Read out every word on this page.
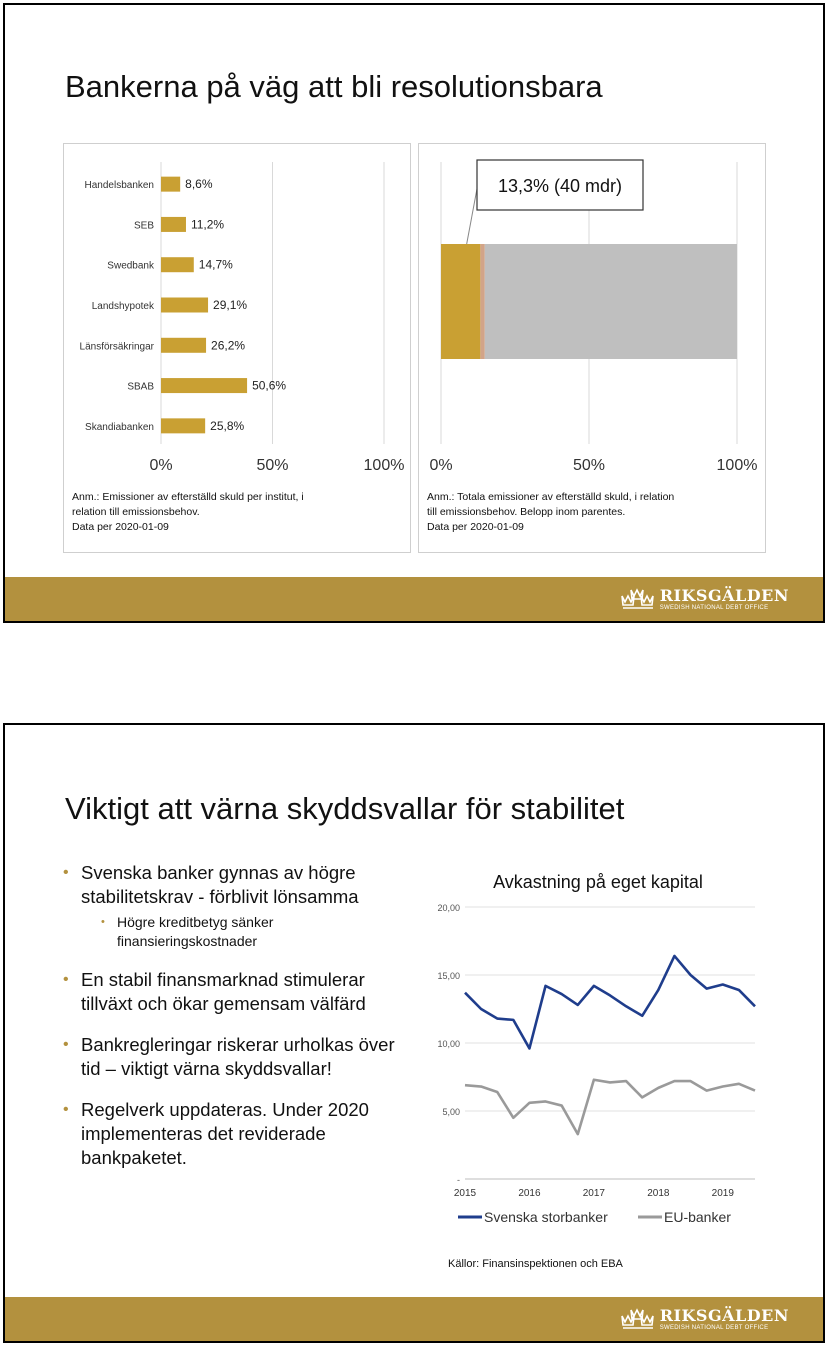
Bankerna på väg att bli resolutionsbara
0%	50%	100%
Handelsbanken	8,6%
SEB	11,2%
Swedbank	14,7%
Landshypotek	29,1%
Länsförsäkringar	26,2%
SBAB	50,6%
Skandiabanken	25,8%
Anm.: Emissioner av efterställd skuld per institut, i
relation till emissionsbehov.
Data per 2020-01-09
0%	50%	100%
13,3% (40 mdr)
Anm.: Totala emissioner av efterställd skuld, i relation
till emissionsbehov. Belopp inom parentes.
Data per 2020-01-09
RIKSGÄLDEN
SWEDISH NATIONAL DEBT OFFICE
Viktigt att värna skyddsvallar för stabilitet
• Svenska banker gynnas av högre stabilitetskrav - förblivit lönsamma
• Högre kreditbetyg sänker finansieringskostnader
• En stabil finansmarknad stimulerar tillväxt och ökar gemensam välfärd
• Bankregleringar riskerar urholkas över tid – viktigt värna skyddsvallar!
• Regelverk uppdateras. Under 2020 implementeras det reviderade bankpaketet.
Avkastning på eget kapital
20,00
15,00
10,00
5,00
-
2015	2016	2017	2018	2019
Svenska storbanker	EU-banker
Källor: Finansinspektionen och EBA
RIKSGÄLDEN
SWEDISH NATIONAL DEBT OFFICE
